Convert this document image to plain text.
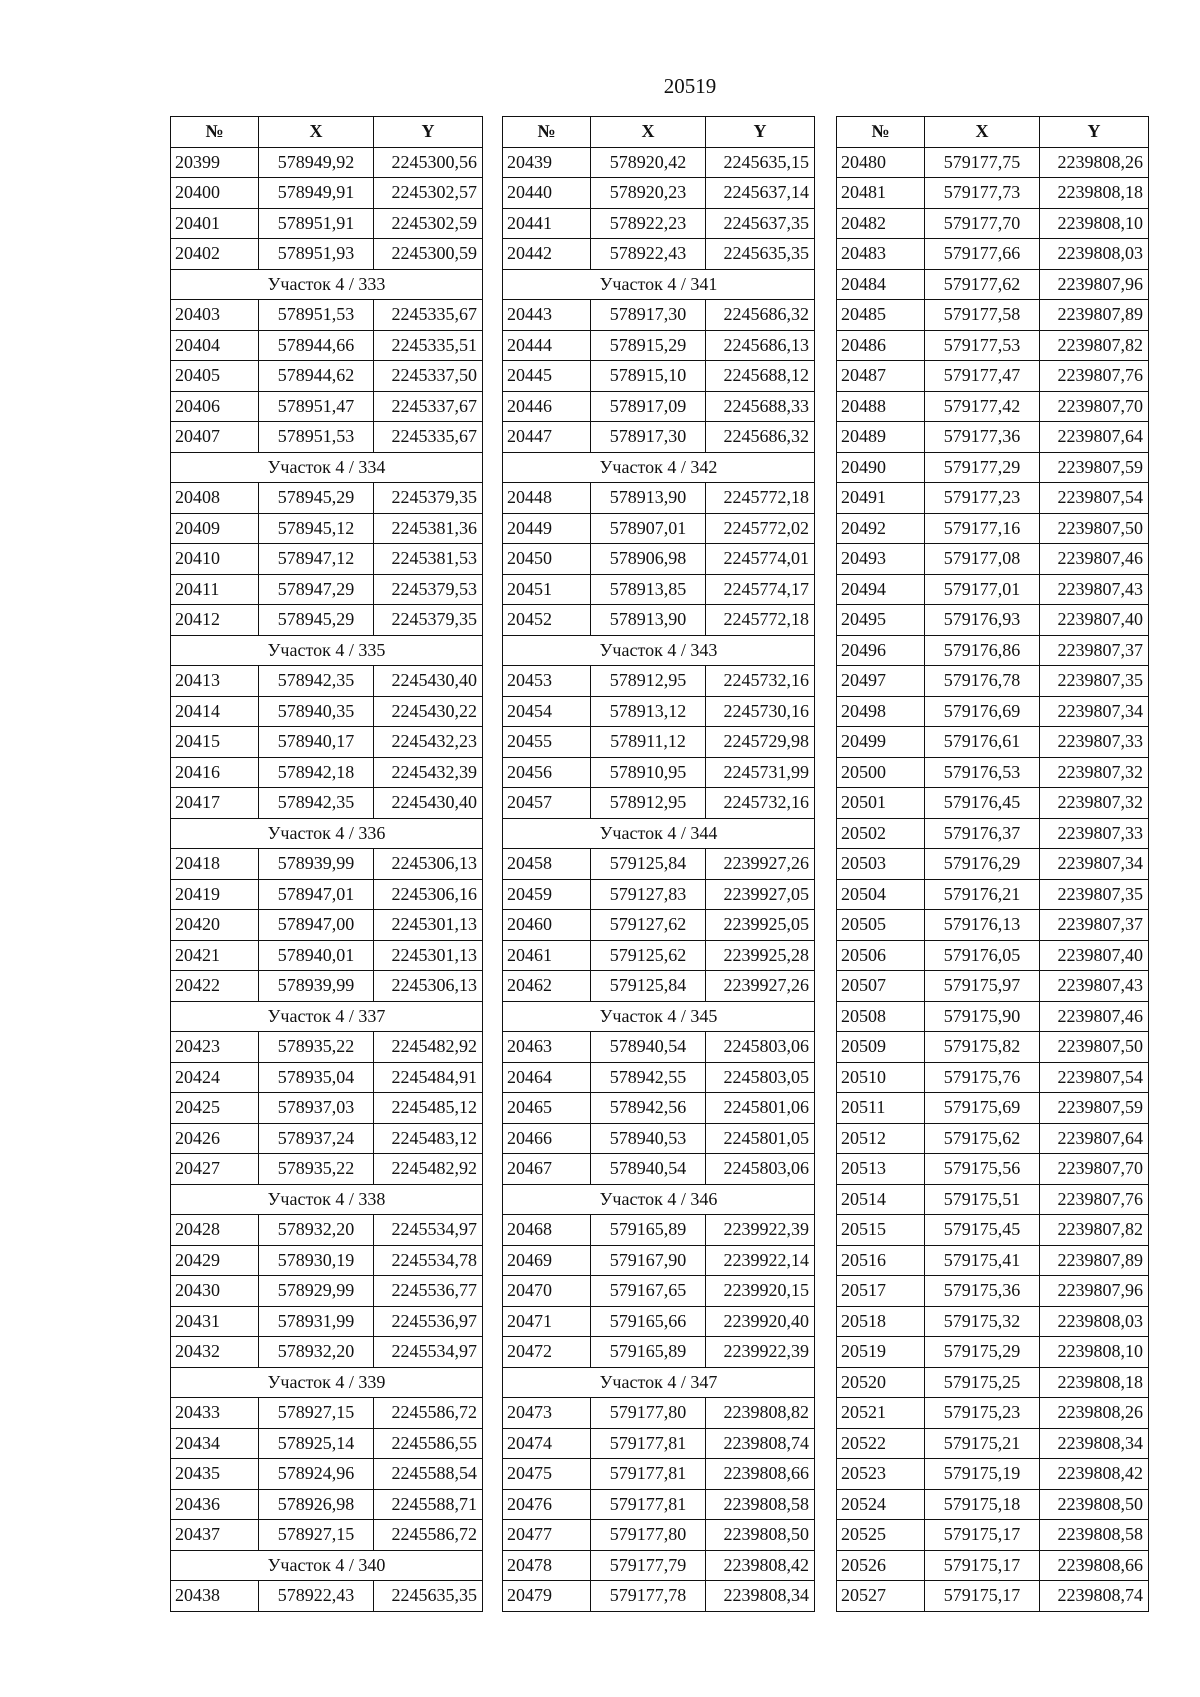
20519
№	X	Y
20399	578949,92	2245300,56
20400	578949,91	2245302,57
20401	578951,91	2245302,59
20402	578951,93	2245300,59
Участок 4 / 333		
20403	578951,53	2245335,67
20404	578944,66	2245335,51
20405	578944,62	2245337,50
20406	578951,47	2245337,67
20407	578951,53	2245335,67
Участок 4 / 334		
20408	578945,29	2245379,35
20409	578945,12	2245381,36
20410	578947,12	2245381,53
20411	578947,29	2245379,53
20412	578945,29	2245379,35
Участок 4 / 335		
20413	578942,35	2245430,40
20414	578940,35	2245430,22
20415	578940,17	2245432,23
20416	578942,18	2245432,39
20417	578942,35	2245430,40
Участок 4 / 336		
20418	578939,99	2245306,13
20419	578947,01	2245306,16
20420	578947,00	2245301,13
20421	578940,01	2245301,13
20422	578939,99	2245306,13
Участок 4 / 337		
20423	578935,22	2245482,92
20424	578935,04	2245484,91
20425	578937,03	2245485,12
20426	578937,24	2245483,12
20427	578935,22	2245482,92
Участок 4 / 338		
20428	578932,20	2245534,97
20429	578930,19	2245534,78
20430	578929,99	2245536,77
20431	578931,99	2245536,97
20432	578932,20	2245534,97
Участок 4 / 339		
20433	578927,15	2245586,72
20434	578925,14	2245586,55
20435	578924,96	2245588,54
20436	578926,98	2245588,71
20437	578927,15	2245586,72
Участок 4 / 340		
20438	578922,43	2245635,35
№	X	Y
20439	578920,42	2245635,15
20440	578920,23	2245637,14
20441	578922,23	2245637,35
20442	578922,43	2245635,35
Участок 4 / 341		
20443	578917,30	2245686,32
20444	578915,29	2245686,13
20445	578915,10	2245688,12
20446	578917,09	2245688,33
20447	578917,30	2245686,32
Участок 4 / 342		
20448	578913,90	2245772,18
20449	578907,01	2245772,02
20450	578906,98	2245774,01
20451	578913,85	2245774,17
20452	578913,90	2245772,18
Участок 4 / 343		
20453	578912,95	2245732,16
20454	578913,12	2245730,16
20455	578911,12	2245729,98
20456	578910,95	2245731,99
20457	578912,95	2245732,16
Участок 4 / 344		
20458	579125,84	2239927,26
20459	579127,83	2239927,05
20460	579127,62	2239925,05
20461	579125,62	2239925,28
20462	579125,84	2239927,26
Участок 4 / 345		
20463	578940,54	2245803,06
20464	578942,55	2245803,05
20465	578942,56	2245801,06
20466	578940,53	2245801,05
20467	578940,54	2245803,06
Участок 4 / 346		
20468	579165,89	2239922,39
20469	579167,90	2239922,14
20470	579167,65	2239920,15
20471	579165,66	2239920,40
20472	579165,89	2239922,39
Участок 4 / 347		
20473	579177,80	2239808,82
20474	579177,81	2239808,74
20475	579177,81	2239808,66
20476	579177,81	2239808,58
20477	579177,80	2239808,50
20478	579177,79	2239808,42
20479	579177,78	2239808,34
№	X	Y
20480	579177,75	2239808,26
20481	579177,73	2239808,18
20482	579177,70	2239808,10
20483	579177,66	2239808,03
20484	579177,62	2239807,96
20485	579177,58	2239807,89
20486	579177,53	2239807,82
20487	579177,47	2239807,76
20488	579177,42	2239807,70
20489	579177,36	2239807,64
20490	579177,29	2239807,59
20491	579177,23	2239807,54
20492	579177,16	2239807,50
20493	579177,08	2239807,46
20494	579177,01	2239807,43
20495	579176,93	2239807,40
20496	579176,86	2239807,37
20497	579176,78	2239807,35
20498	579176,69	2239807,34
20499	579176,61	2239807,33
20500	579176,53	2239807,32
20501	579176,45	2239807,32
20502	579176,37	2239807,33
20503	579176,29	2239807,34
20504	579176,21	2239807,35
20505	579176,13	2239807,37
20506	579176,05	2239807,40
20507	579175,97	2239807,43
20508	579175,90	2239807,46
20509	579175,82	2239807,50
20510	579175,76	2239807,54
20511	579175,69	2239807,59
20512	579175,62	2239807,64
20513	579175,56	2239807,70
20514	579175,51	2239807,76
20515	579175,45	2239807,82
20516	579175,41	2239807,89
20517	579175,36	2239807,96
20518	579175,32	2239808,03
20519	579175,29	2239808,10
20520	579175,25	2239808,18
20521	579175,23	2239808,26
20522	579175,21	2239808,34
20523	579175,19	2239808,42
20524	579175,18	2239808,50
20525	579175,17	2239808,58
20526	579175,17	2239808,66
20527	579175,17	2239808,74
